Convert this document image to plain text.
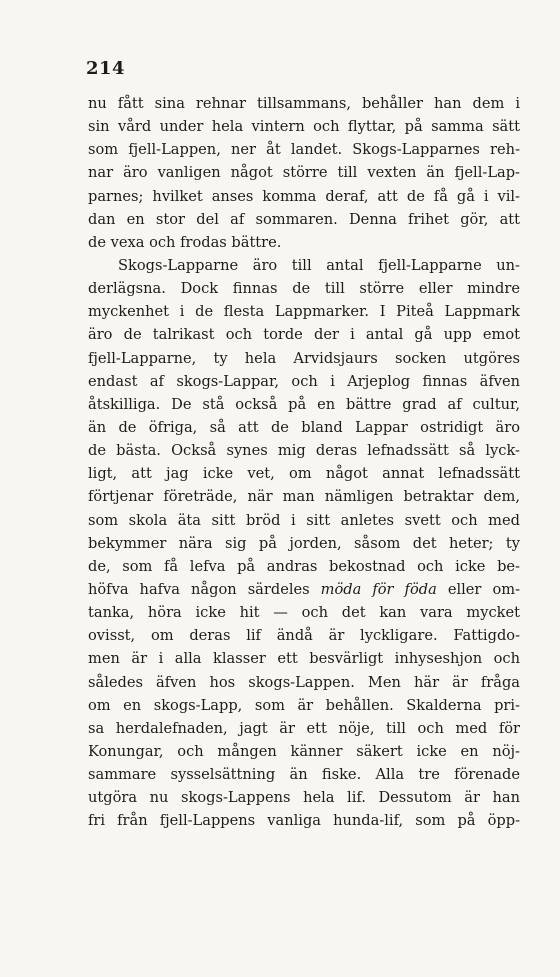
214
nu fått sina rehnar tillsammans, behåller han dem i
sin vård under hela vintern och flyttar, på samma sätt
som fjell-Lappen, ner åt landet. Skogs-Lapparnes reh-
nar äro vanligen något större till vexten än fjell-Lap-
parnes; hvilket anses komma deraf, att de få gå i vil-
dan en stor del af sommaren. Denna frihet gör, att
de vexa och frodas bättre.
Skogs-Lapparne äro till antal fjell-Lapparne un-
derlägsna. Dock finnas de till större eller mindre
myckenhet i de flesta Lappmarker. I Piteå Lappmark
äro de talrikast och torde der i antal gå upp emot
fjell-Lapparne, ty hela Arvidsjaurs socken utgöres
endast af skogs-Lappar, och i Arjeplog finnas äfven
åtskilliga. De stå också på en bättre grad af cultur,
än de öfriga, så att de bland Lappar ostridigt äro
de bästa. Också synes mig deras lefnadssätt så lyck-
ligt, att jag icke vet, om något annat lefnadssätt
förtjenar företräde, när man nämligen betraktar dem,
som skola äta sitt bröd i sitt anletes svett och med
bekymmer nära sig på jorden, såsom det heter; ty
de, som få lefva på andras bekostnad och icke be-
höfva hafva någon särdeles möda för föda eller om-
tanka, höra icke hit — och det kan vara mycket
ovisst, om deras lif ändå är lyckligare. Fattigdo-
men är i alla klasser ett besvärligt inhyseshjon och
således äfven hos skogs-Lappen. Men här är fråga
om en skogs-Lapp, som är behållen. Skalderna pri-
sa herdalefnaden, jagt är ett nöje, till och med för
Konungar, och mången känner säkert icke en nöj-
sammare sysselsättning än fiske. Alla tre förenade
utgöra nu skogs-Lappens hela lif. Dessutom är han
fri från fjell-Lappens vanliga hunda-lif, som på öpp-
